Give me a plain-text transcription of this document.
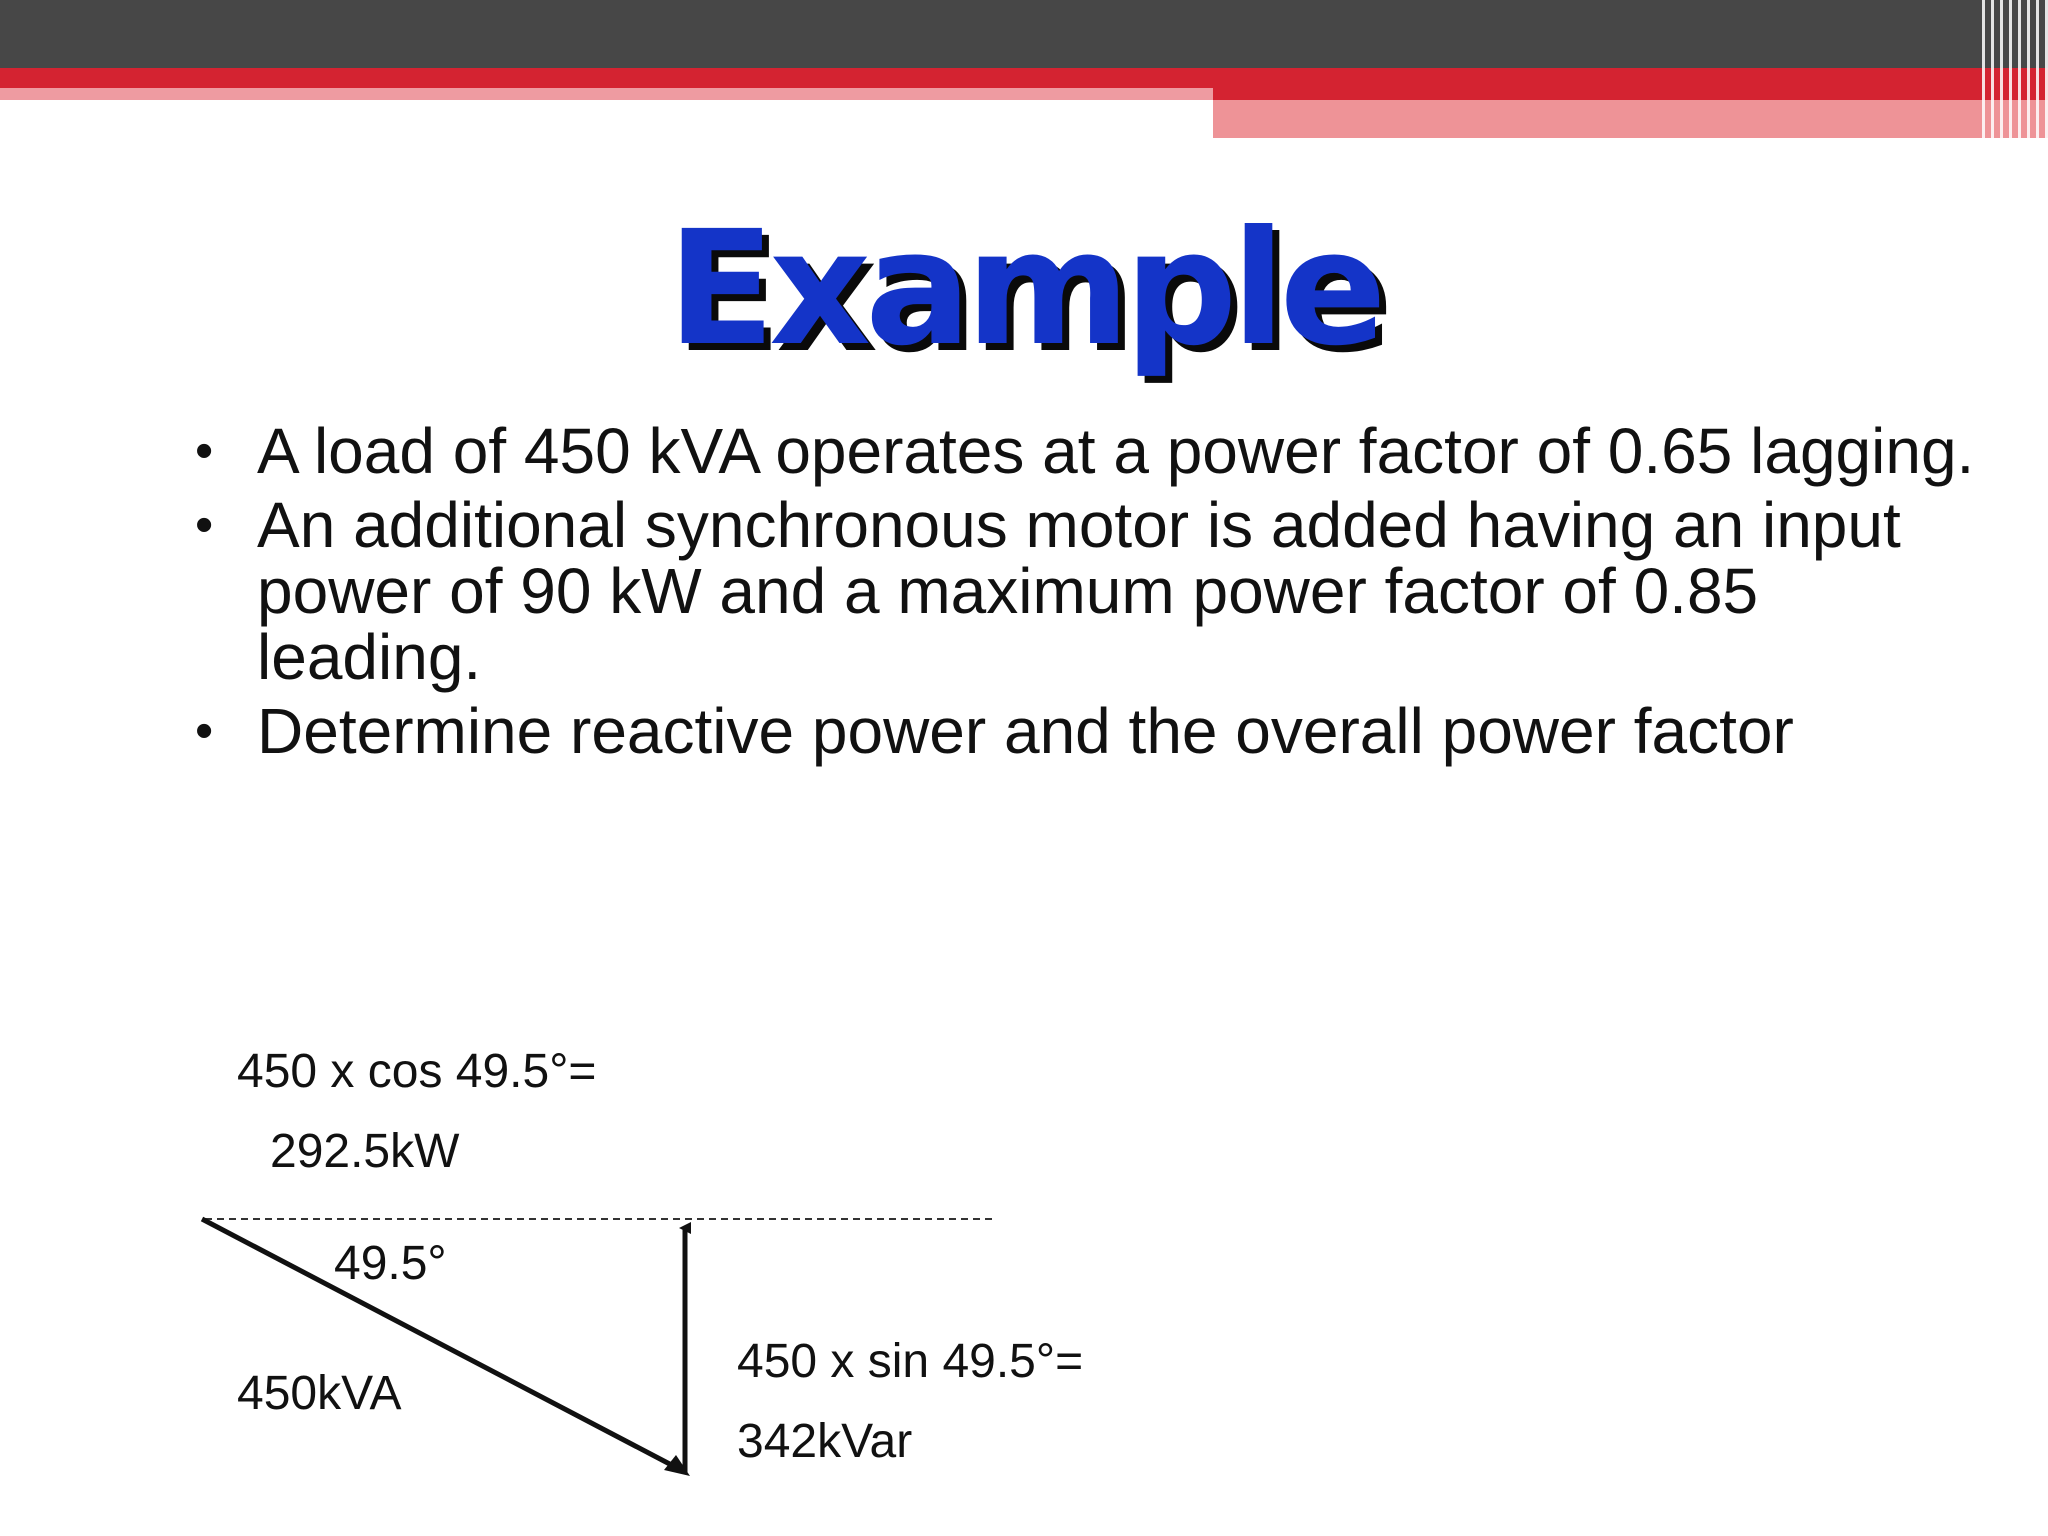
Example
• A load of 450 kVA operates at a power factor of 0.65 lagging.
• An additional synchronous motor is added having an input power of 90 kW and a maximum power factor of 0.85 leading.
• Determine reactive power and the overall power factor
450 x cos 49.5°=
292.5kW
49.5°
450kVA
450 x sin 49.5°=
342kVar
